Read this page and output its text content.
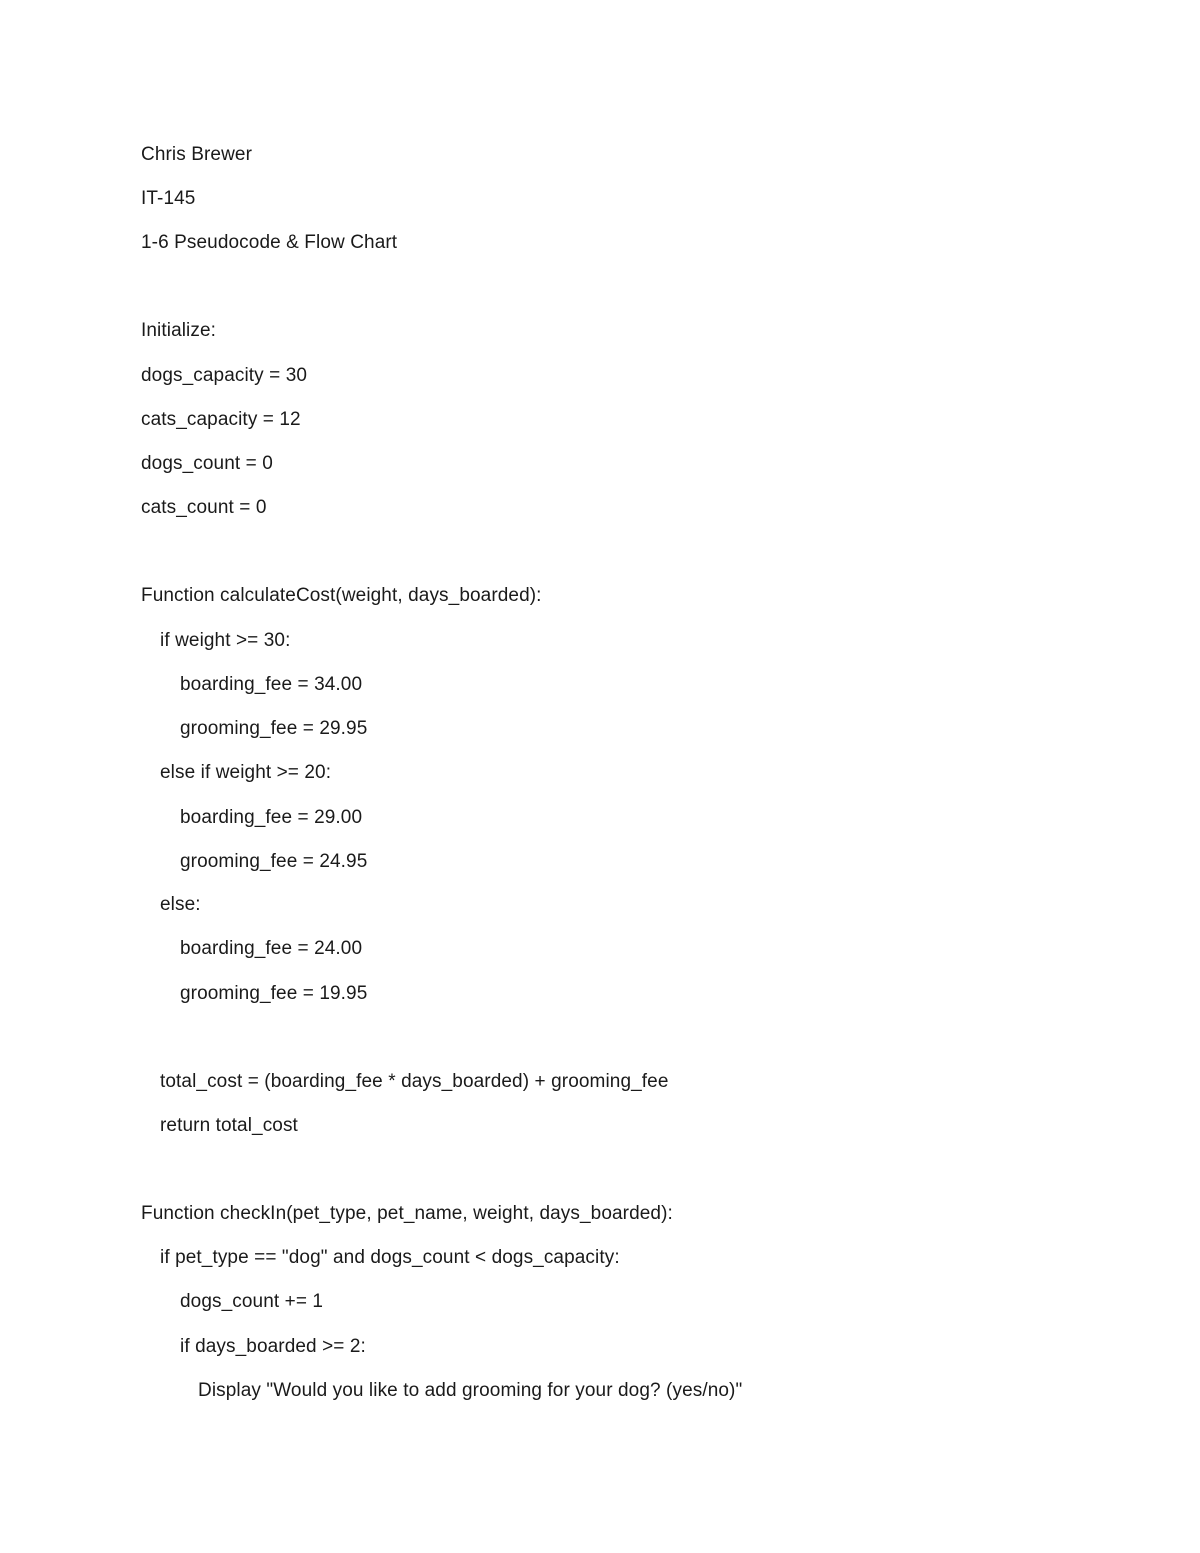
Chris Brewer
IT-145
1-6 Pseudocode & Flow Chart
Initialize:
dogs_capacity = 30
cats_capacity = 12
dogs_count = 0
cats_count = 0
Function calculateCost(weight, days_boarded):
if weight >= 30:
boarding_fee = 34.00
grooming_fee = 29.95
else if weight >= 20:
boarding_fee = 29.00
grooming_fee = 24.95
else:
boarding_fee = 24.00
grooming_fee = 19.95
total_cost = (boarding_fee * days_boarded) + grooming_fee
return total_cost
Function checkIn(pet_type, pet_name, weight, days_boarded):
if pet_type == "dog" and dogs_count < dogs_capacity:
dogs_count += 1
if days_boarded >= 2:
Display "Would you like to add grooming for your dog? (yes/no)"
